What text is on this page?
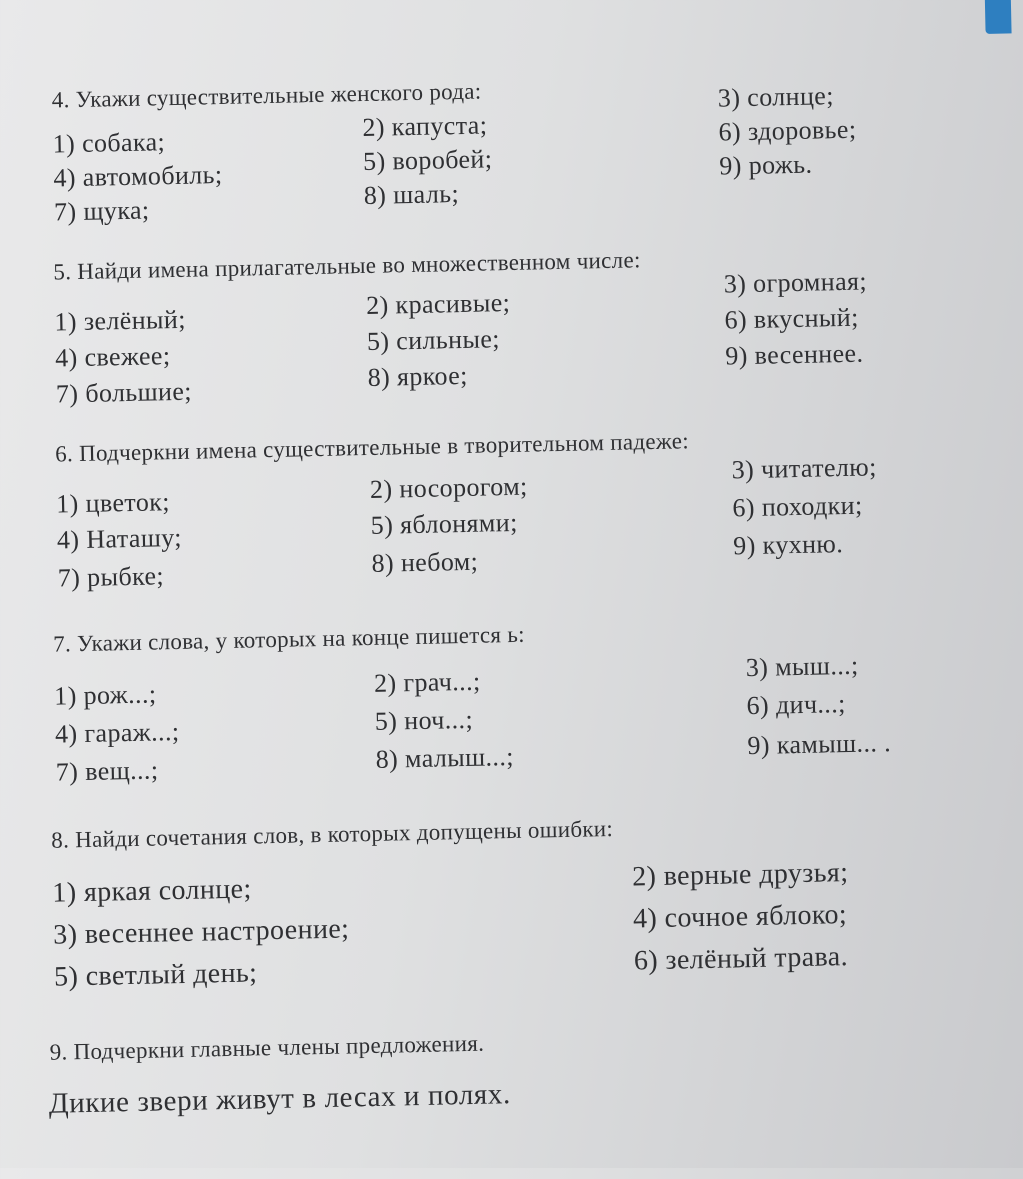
4. Укажи существительные женского рода:
1) собака;
2) капуста;
3) солнце;
4) автомобиль;	5) воробей;
6) здоровье;
7) щука;
8) шаль;
9) рожь.
5. Найди имена прилагательные во множественном числе:
1) зелёный;
2) красивые;
3) огромная;
4) свежее;
5) сильные;
6) вкусный;
7) большие;
8) яркое;
9) весеннее.
6. Подчеркни имена существительные в творительном падеже:
1) цветок;	2) носорогом;
3) читателю;
4) Наташу;	5) яблонями;
6) походки;
7) рыбке;	8) небом;
9) кухню.
7. Укажи слова, у которых на конце пишется ь:
1) рож...;	2) грач...;
3) мыш...;
4) гараж...;	5) ноч...;
6) дич...;
7) вещ...;	8) малыш...;	9) камыш... .
8. Найди сочетания слов, в которых допущены ошибки:
1) яркая солнце;	2) верные друзья;
3) весеннее настроение;	4) сочное яблоко;
5) светлый день;	6) зелёный трава.
9. Подчеркни главные члены предложения.
Дикие звери живут в лесах и полях.
